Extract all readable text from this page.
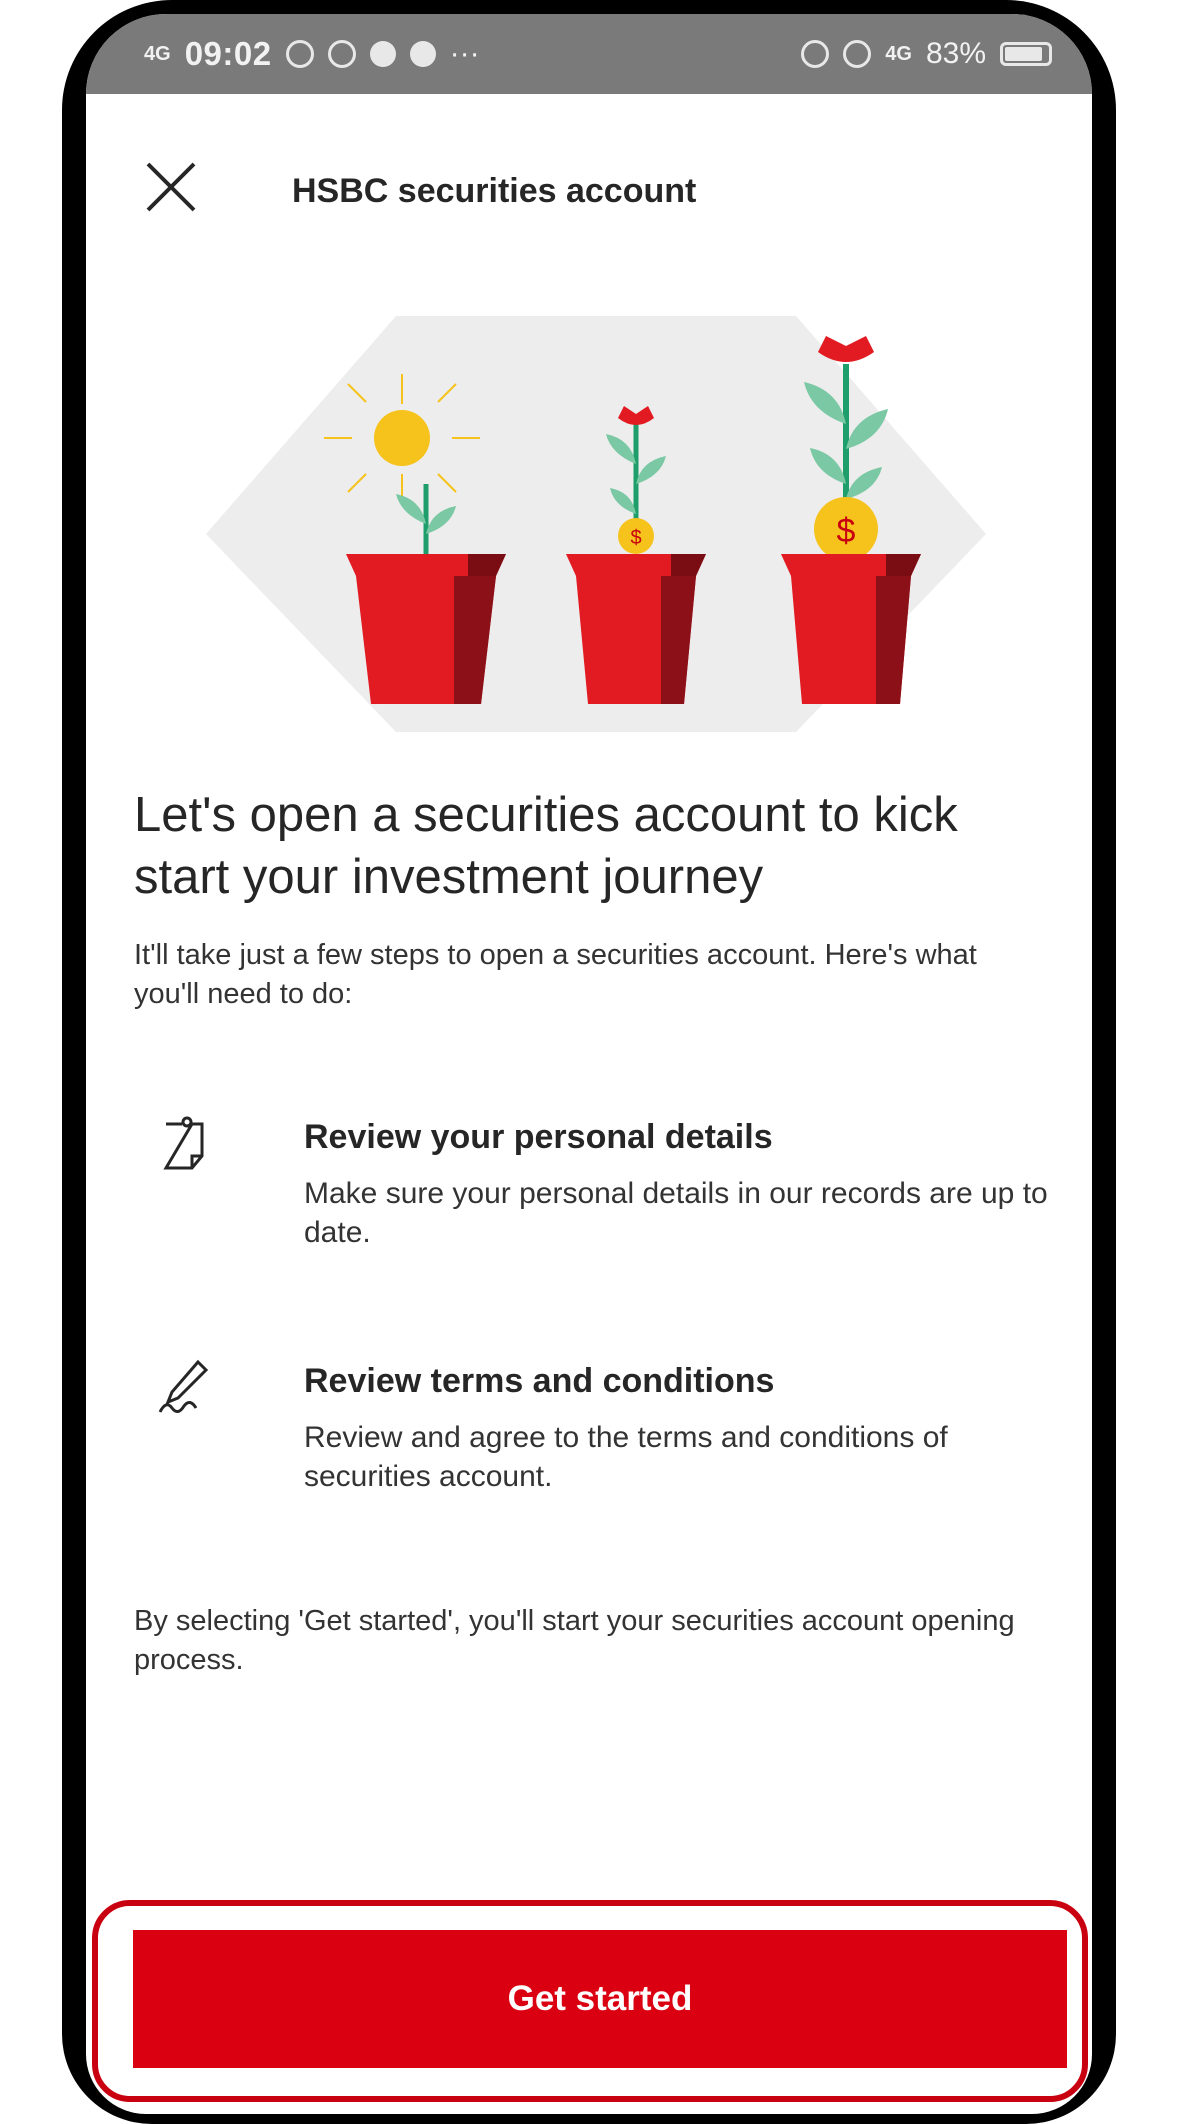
4G 09:02	···	4G 83%
HSBC securities account
$	$
Let's open a securities account to kick start your investment journey
It'll take just a few steps to open a securities account. Here's what you'll need to do:
Review your personal details
Make sure your personal details in our records are up to date.
Review terms and conditions
Review and agree to the terms and conditions of securities account.
By selecting 'Get started', you'll start your securities account opening process.
Get started
